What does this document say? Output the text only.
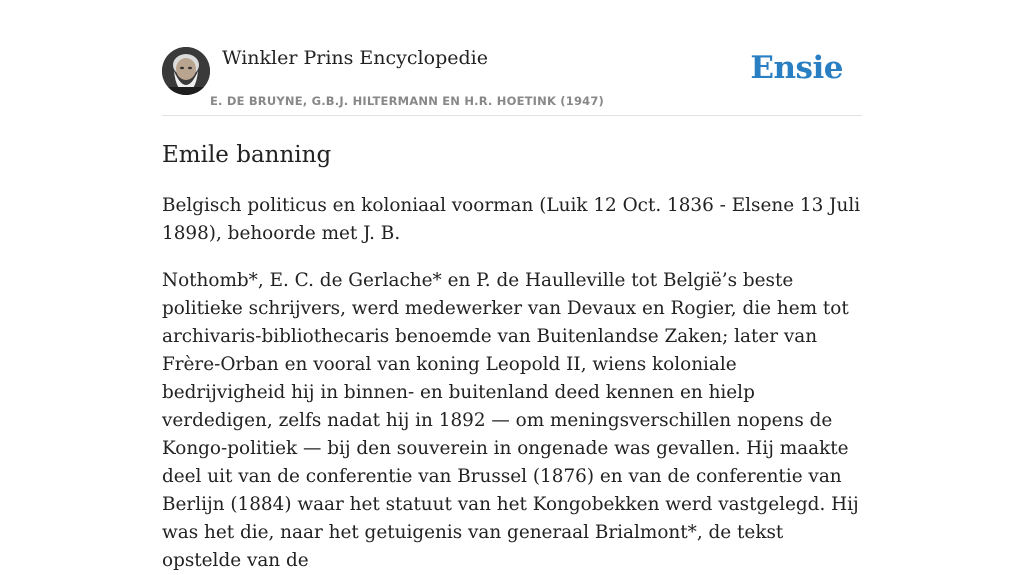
Winkler Prins Encyclopedie
E. DE BRUYNE, G.B.J. HILTERMANN EN H.R. HOETINK (1947)
Ensie
Emile banning

Belgisch politicus en koloniaal voorman (Luik 12 Oct. 1836 - Elsene 13 Juli 1898), behoorde met J. B.

Nothomb*, E. C. de Gerlache* en P. de Haulleville tot België’s beste politieke schrijvers, werd medewerker van Devaux en Rogier, die hem tot archivaris-bibliothecaris benoemde van Buitenlandse Zaken; later van Frère-Orban en vooral van koning Leopold II, wiens koloniale bedrijvigheid hij in binnen- en buitenland deed kennen en hielp verdedigen, zelfs nadat hij in 1892 — om meningsverschillen nopens de Kongo-politiek — bij den souverein in ongenade was gevallen. Hij maakte deel uit van de conferentie van Brussel (1876) en van de conferentie van Berlijn (1884) waar het statuut van het Kongobekken werd vastgelegd. Hij was het die, naar het getuigenis van generaal Brialmont*, de tekst opstelde van de
